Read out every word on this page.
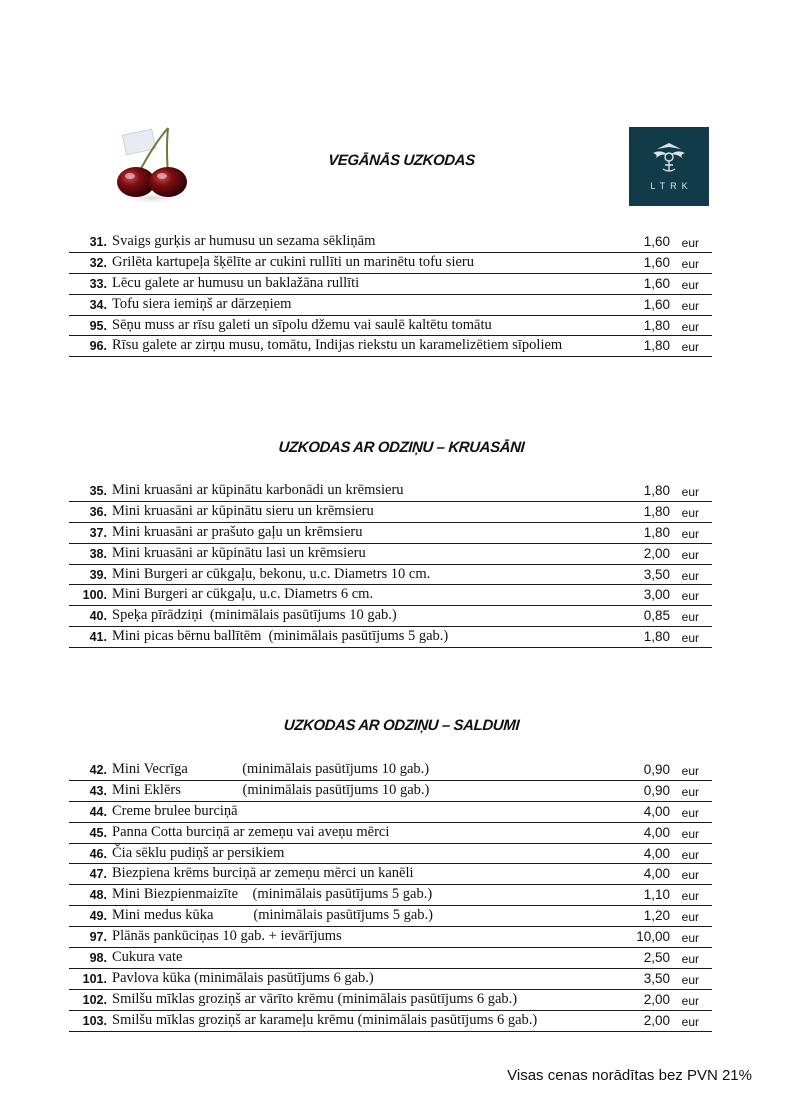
LTRK
VEGĀNĀS UZKODAS
31. Svaigs gurķis ar humusu un sezama sēkliņām	1,60 eur
32. Grilēta kartupeļa šķēlīte ar cukini rullīti un marinētu tofu sieru	1,60 eur
33. Lēcu galete ar humusu un baklažāna rullīti	1,60 eur
34. Tofu siera iemiņš ar dārzeņiem	1,60 eur
95. Sēņu muss ar rīsu galeti un sīpolu džemu vai saulē kaltētu tomātu	1,80 eur
96. Rīsu galete ar zirņu musu, tomātu, Indijas riekstu un karamelizētiem sīpoliem	1,80 eur
UZKODAS AR ODZIŅU – KRUASĀNI
35. Mini kruasāni ar kūpinātu karbonādi un krēmsieru	1,80 eur
36. Mini kruasāni ar kūpinātu sieru un krēmsieru	1,80 eur
37. Mini kruasāni ar prašuto gaļu un krēmsieru	1,80 eur
38. Mini kruasāni ar kūpinātu lasi un krēmsieru	2,00 eur
39. Mini Burgeri ar cūkgaļu, bekonu, u.c. Diametrs 10 cm.	3,50 eur
100. Mini Burgeri ar cūkgaļu, u.c. Diametrs 6 cm.	3,00 eur
40. Speķa pīrādziņi  (minimālais pasūtījums 10 gab.)	0,85 eur
41. Mini picas bērnu ballītēm  (minimālais pasūtījums 5 gab.)	1,80 eur
UZKODAS AR ODZIŅU – SALDUMI
42. Mini Vecrīga               (minimālais pasūtījums 10 gab.)	0,90 eur
43. Mini Eklērs                 (minimālais pasūtījums 10 gab.)	0,90 eur
44. Creme brulee burciņā	4,00 eur
45. Panna Cotta burciņā ar zemeņu vai aveņu mērci	4,00 eur
46. Čia sēklu pudiņš ar persikiem	4,00 eur
47. Biezpiena krēms burciņā ar zemeņu mērci un kanēli	4,00 eur
48. Mini Biezpienmaizīte    (minimālais pasūtījums 5 gab.)	1,10 eur
49. Mini medus kūka           (minimālais pasūtījums 5 gab.)	1,20 eur
97. Plānās pankūciņas 10 gab. + ievārījums	10,00 eur
98. Cukura vate	2,50 eur
101. Pavlova kūka (minimālais pasūtījums 6 gab.)	3,50 eur
102. Smilšu mīklas groziņš ar vārīto krēmu (minimālais pasūtījums 6 gab.)	2,00 eur
103. Smilšu mīklas groziņš ar karameļu krēmu (minimālais pasūtījums 6 gab.)	2,00 eur
Visas cenas norādītas bez PVN 21%
